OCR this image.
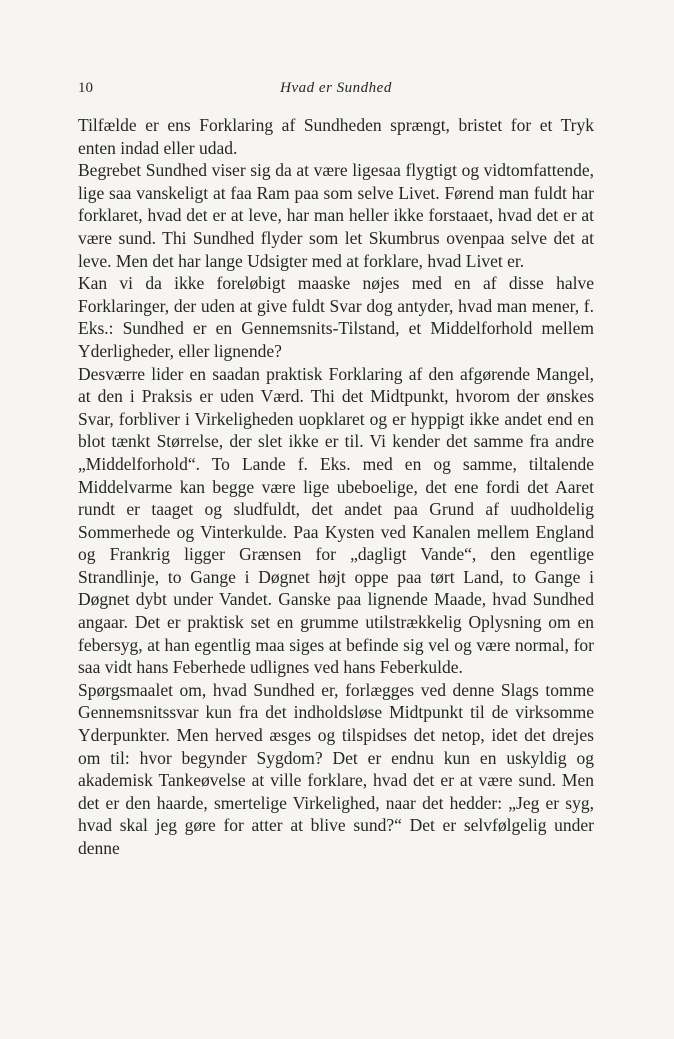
10	Hvad er Sundhed

Tilfælde er ens Forklaring af Sundheden sprængt, bristet for et Tryk enten indad eller udad.

Begrebet Sundhed viser sig da at være ligesaa flygtigt og vidtomfattende, lige saa vanskeligt at faa Ram paa som selve Livet. Førend man fuldt har forklaret, hvad det er at leve, har man heller ikke forstaaet, hvad det er at være sund. Thi Sundhed flyder som let Skumbrus ovenpaa selve det at leve. Men det har lange Udsigter med at forklare, hvad Livet er.

Kan vi da ikke foreløbigt maaske nøjes med en af disse halve Forklaringer, der uden at give fuldt Svar dog antyder, hvad man mener, f. Eks.: Sundhed er en Gennemsnits-Tilstand, et Middelforhold mellem Yderligheder, eller lignende?

Desværre lider en saadan praktisk Forklaring af den afgørende Mangel, at den i Praksis er uden Værd. Thi det Midtpunkt, hvorom der ønskes Svar, forbliver i Virkeligheden uopklaret og er hyppigt ikke andet end en blot tænkt Størrelse, der slet ikke er til. Vi kender det samme fra andre „Middelforhold“. To Lande f. Eks. med en og samme, tiltalende Middelvarme kan begge være lige ubeboelige, det ene fordi det Aaret rundt er taaget og sludfuldt, det andet paa Grund af uudholdelig Sommerhede og Vinterkulde. Paa Kysten ved Kanalen mellem England og Frankrig ligger Grænsen for „dagligt Vande“, den egentlige Strandlinje, to Gange i Døgnet højt oppe paa tørt Land, to Gange i Døgnet dybt under Vandet. Ganske paa lignende Maade, hvad Sundhed angaar. Det er praktisk set en grumme utilstrækkelig Oplysning om en febersyg, at han egentlig maa siges at befinde sig vel og være normal, for saa vidt hans Feberhede udlignes ved hans Feberkulde.

Spørgsmaalet om, hvad Sundhed er, forlægges ved denne Slags tomme Gennemsnitssvar kun fra det indholdsløse Midtpunkt til de virksomme Yderpunkter. Men herved æsges og tilspidses det netop, idet det drejes om til: hvor begynder Sygdom? Det er endnu kun en uskyldig og akademisk Tankeøvelse at ville forklare, hvad det er at være sund. Men det er den haarde, smertelige Virkelighed, naar det hedder: „Jeg er syg, hvad skal jeg gøre for atter at blive sund?“ Det er selvfølgelig under denne
